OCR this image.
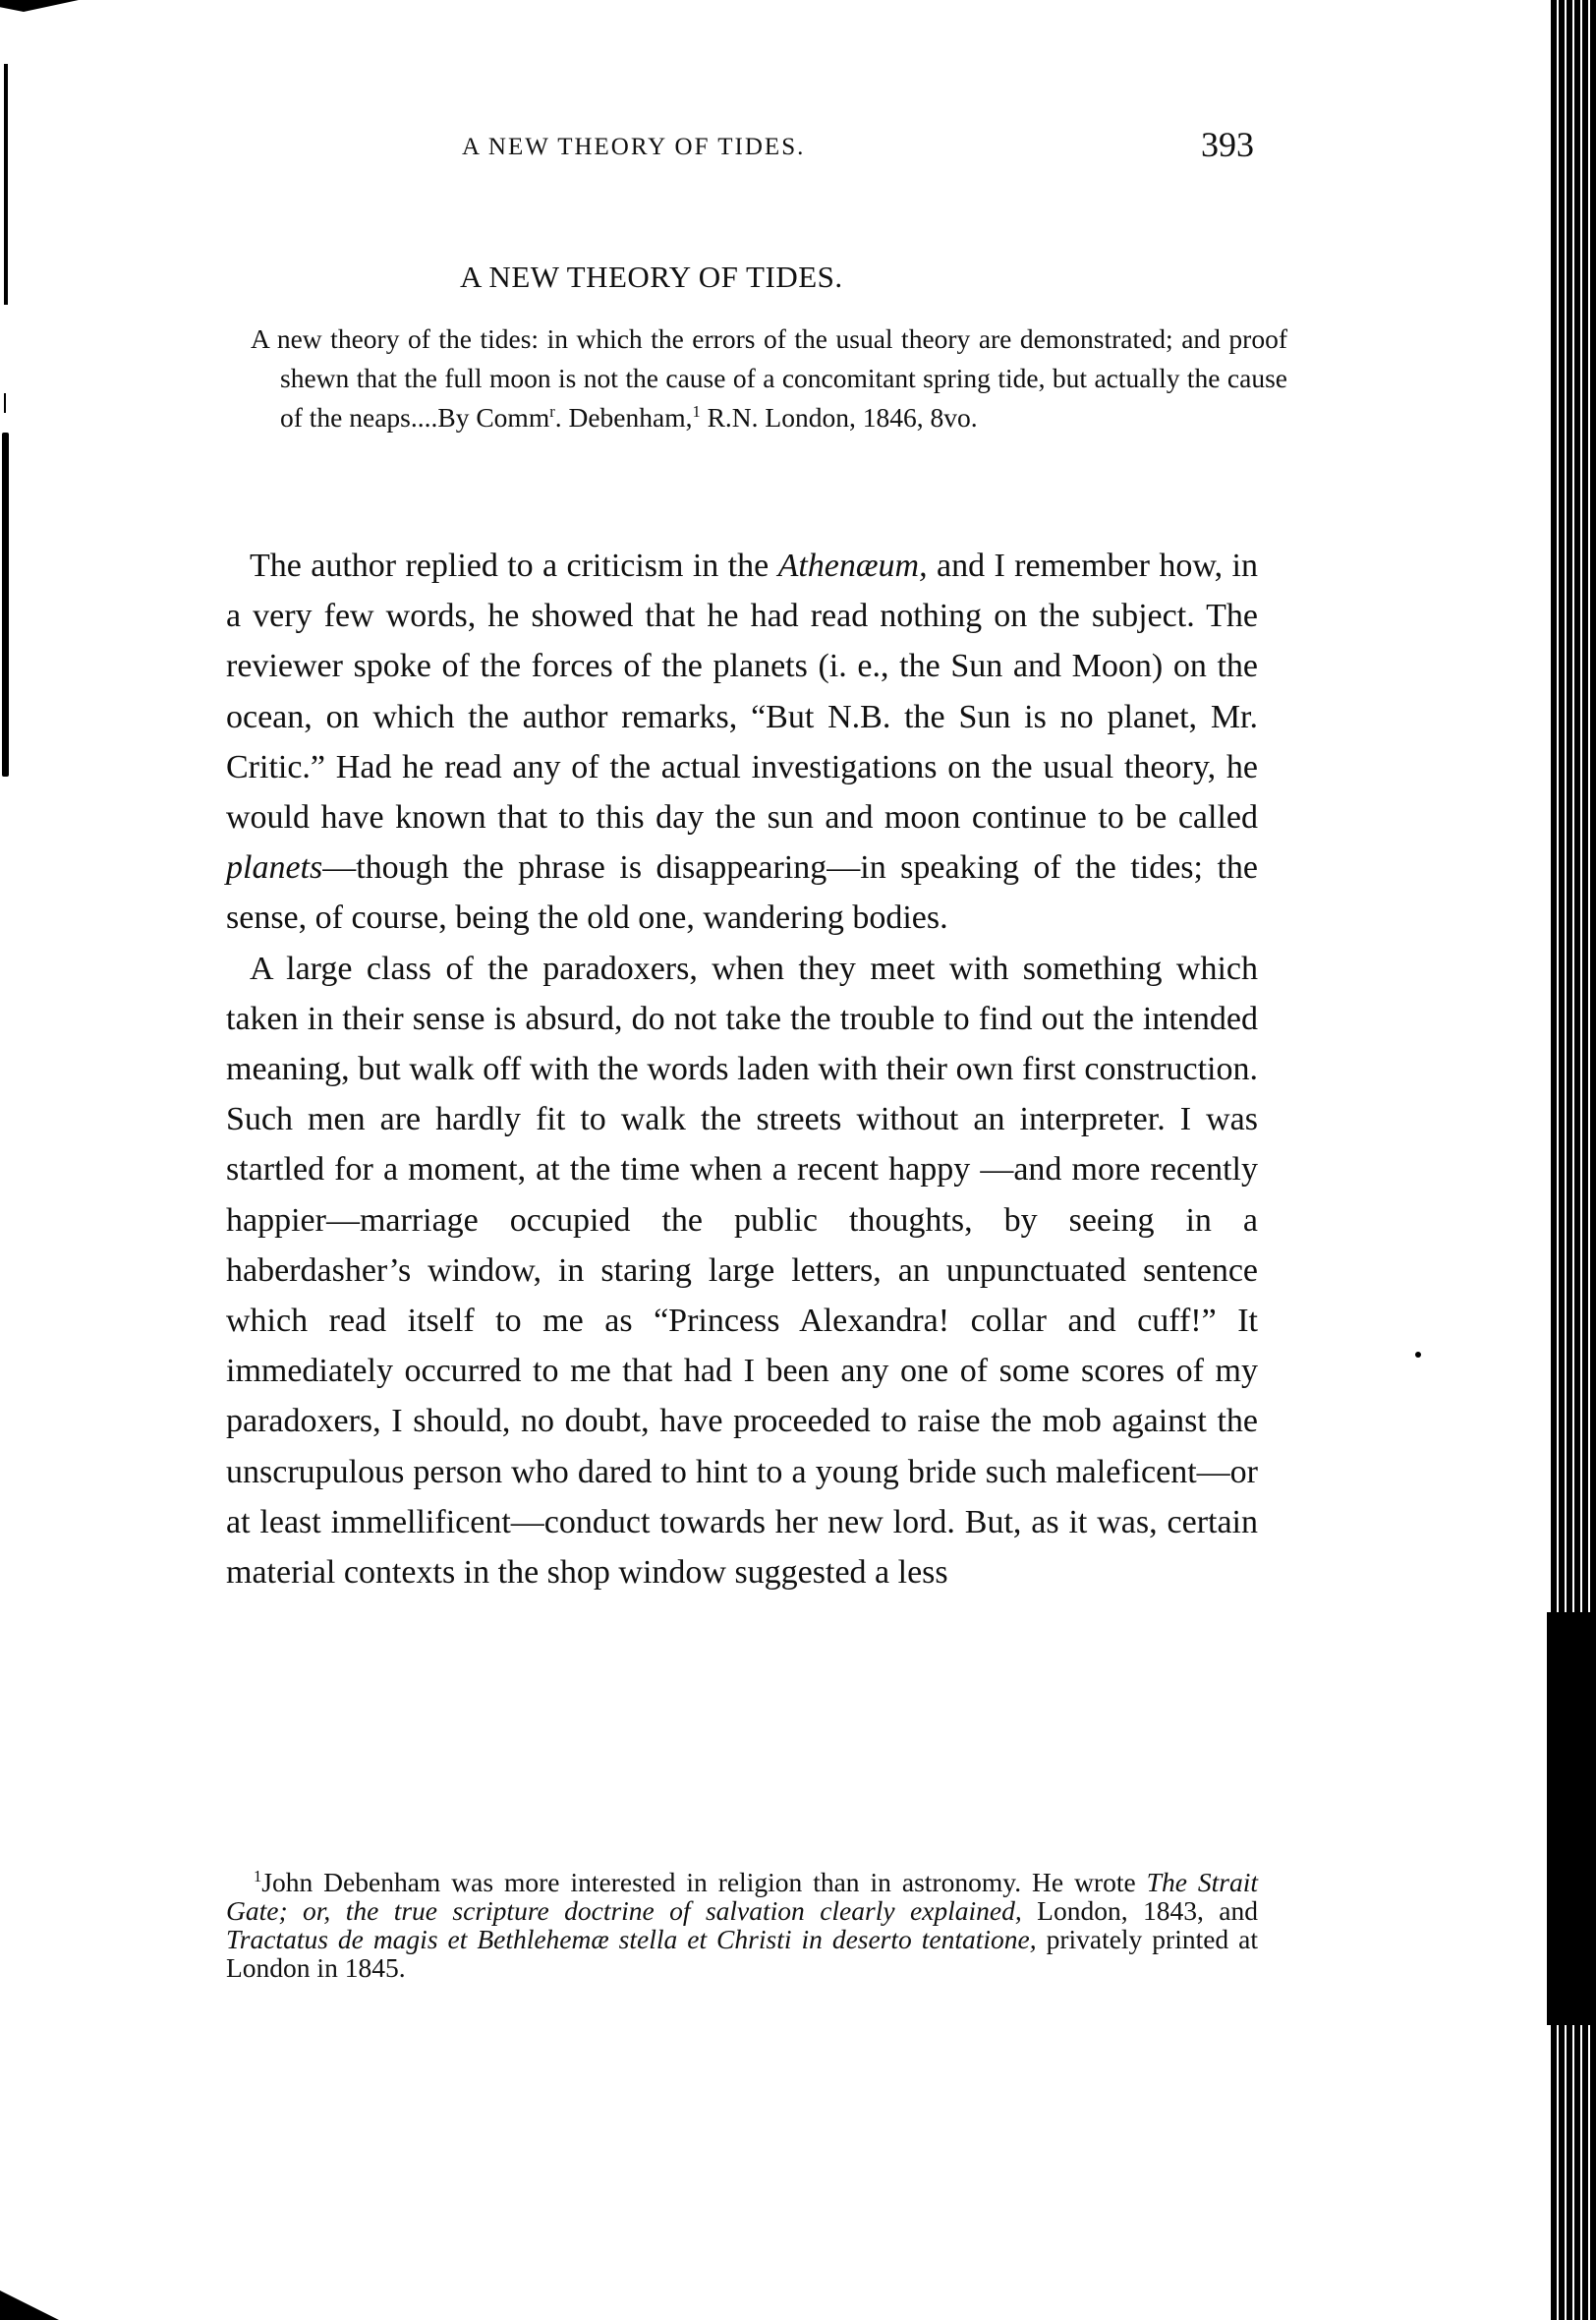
A NEW THEORY OF TIDES.	393
A NEW THEORY OF TIDES.
A new theory of the tides: in which the errors of the usual theory are demonstrated; and proof shewn that the full moon is not the cause of a concomitant spring tide, but actually the cause of the neaps....By Comm$^r$. Debenham,$^1$ R.N. London, 1846, 8vo.

The author replied to a criticism in the Athenæum, and I remember how, in a very few words, he showed that he had read nothing on the subject. The reviewer spoke of the forces of the planets (i. e., the Sun and Moon) on the ocean, on which the author remarks, “But N.B. the Sun is no planet, Mr. Critic.” Had he read any of the actual investigations on the usual theory, he would have known that to this day the sun and moon continue to be called planets—though the phrase is disappearing—in speaking of the tides; the sense, of course, being the old one, wandering bodies.

A large class of the paradoxers, when they meet with something which taken in their sense is absurd, do not take the trouble to find out the intended meaning, but walk off with the words laden with their own first construction. Such men are hardly fit to walk the streets without an interpreter. I was startled for a moment, at the time when a recent happy —and more recently happier—marriage occupied the public thoughts, by seeing in a haberdasher’s window, in staring large letters, an unpunctuated sentence which read itself to me as “Princess Alexandra! collar and cuff!” It immediately occurred to me that had I been any one of some scores of my paradoxers, I should, no doubt, have proceeded to raise the mob against the unscrupulous person who dared to hint to a young bride such maleficent—or at least immellificent—conduct towards her new lord. But, as it was, certain material contexts in the shop window suggested a less

$^1$John Debenham was more interested in religion than in astronomy. He wrote The Strait Gate; or, the true scripture doctrine of salvation clearly explained, London, 1843, and Tractatus de magis et Bethlehemæ stella et Christi in deserto tentatione, privately printed at London in 1845.
